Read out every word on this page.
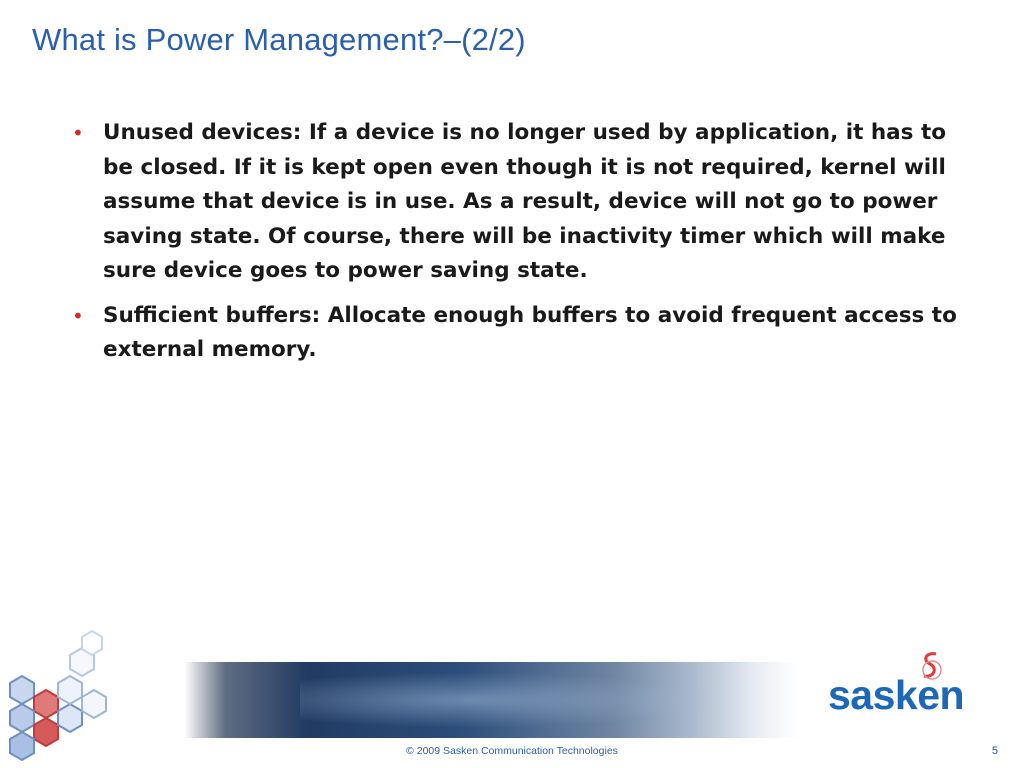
What is Power Management?–(2/2)
• Unused devices: If a device is no longer used by application, it has to be closed. If it is kept open even though it is not required, kernel will assume that device is in use. As a result, device will not go to power saving state. Of course, there will be inactivity timer which will make sure device goes to power saving state.
• Sufficient buffers: Allocate enough buffers to avoid frequent access to external memory.
sasken
© 2009 Sasken Communication Technologies	5
